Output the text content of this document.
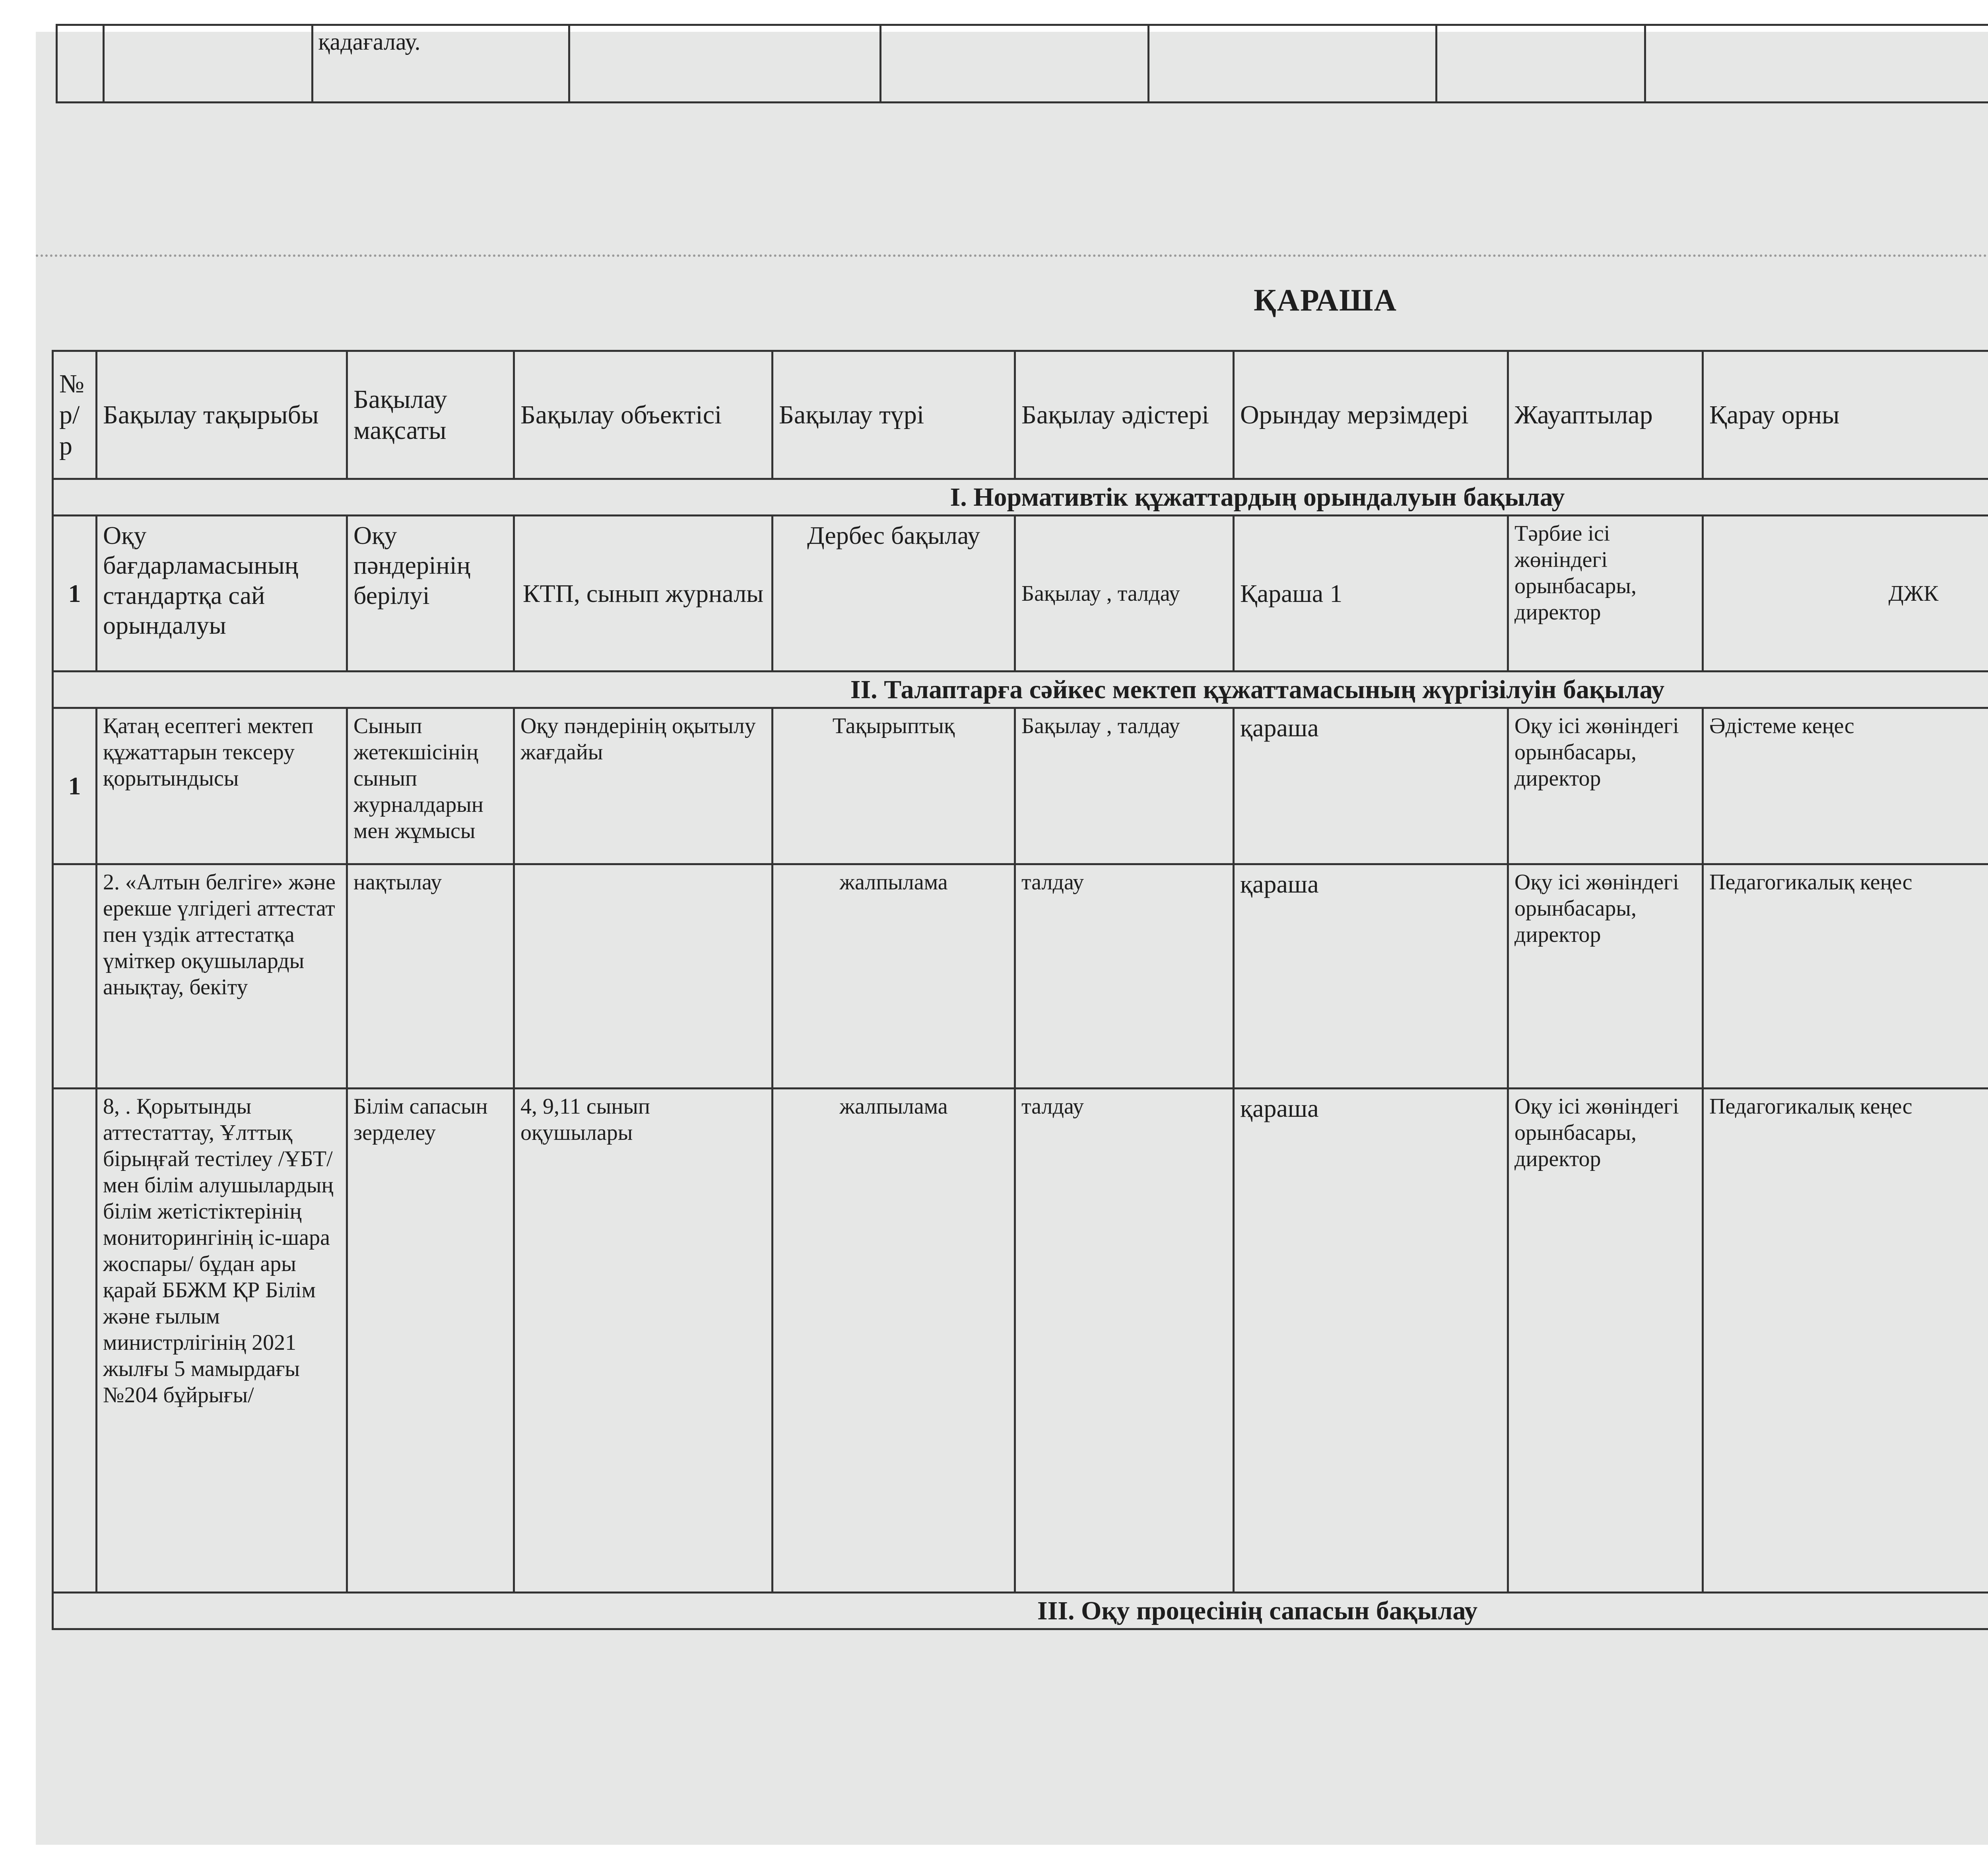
		қадағалау.								
ҚАРАША
№ р/ р	Бақылау тақырыбы	Бақылау мақсаты	Бақылау объектісі	Бақылау түрі	Бақылау әдістері	Орындау мерзімдері	Жауаптылар	Қарау орны		
І. Нормативтік құжаттардың орындалуын бақылау										
1	Оқу бағдарламасының стандартқа сай орындалуы	Оқу пәндерінің берілуі	КТП, сынып журналы	Дербес бақылау	Бақылау , талдау	Қараша 1	Тәрбие ісі жөніндегі орынбасары, директор	ДЖК		
ІІ. Талаптарға сәйкес мектеп құжаттамасының жүргізілуін бақылау										
1	Қатаң есептегі мектеп құжаттарын тексеру қорытындысы	Сынып жетекшісінің сынып журналдарын мен жұмысы	Оқу пәндерінің оқытылу жағдайы	Тақырыптық	Бақылау , талдау	қараша	Оқу ісі жөніндегі орынбасары, директор	Әдістеме кеңес		
	2. «Алтын белгіге» және ерекше үлгідегі аттестат пен үздік аттестатқа үміткер оқушыларды анықтау, бекіту	нақтылау		жалпылама	талдау	қараша	Оқу ісі жөніндегі орынбасары, директор	Педагогикалық кеңес		
	8, . Қорытынды аттестаттау, Ұлттық бірыңғай тестілеу /ҰБТ/ мен білім алушылардың білім жетістіктерінің мониторингінің іс-шара жоспары/ бұдан ары қарай ББЖМ ҚР Білім және ғылым министрлігінің 2021 жылғы 5 мамырдағы №204 бұйрығы/	Білім сапасын зерделеу	4, 9,11 сынып оқушылары	жалпылама	талдау	қараша	Оқу ісі жөніндегі орынбасары, директор	Педагогикалық кеңес		
ІІІ. Оқу процесінің сапасын бақылау										
